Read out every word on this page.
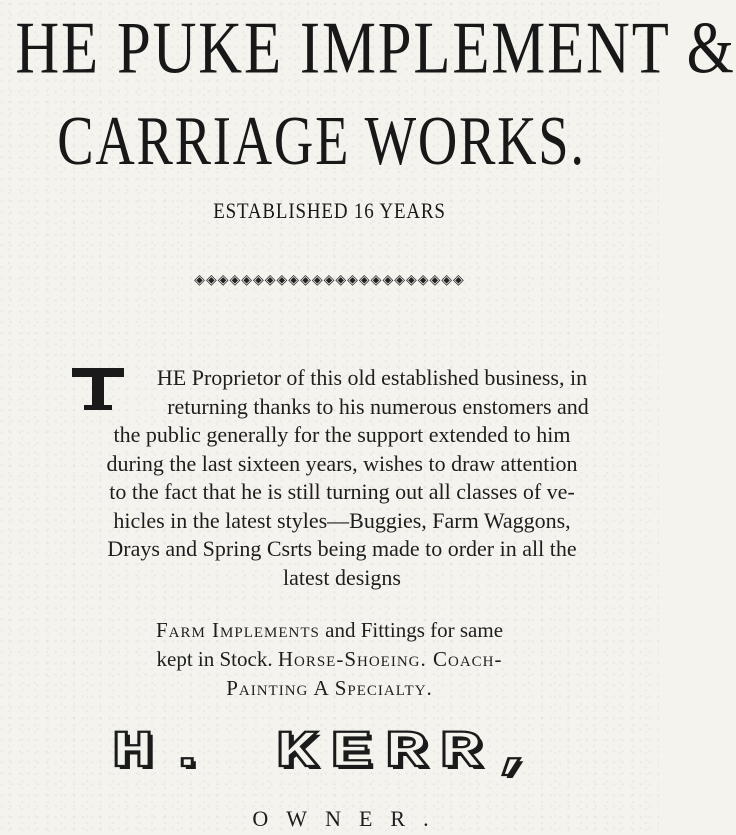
HE PUKE IMPLEMENT &
CARRIAGE WORKS.
ESTABLISHED 16 YEARS
◈◈◈◈◈◈◈◈◈◈◈◈◈◈◈◈◈◈◈◈◈◈◈
HE Proprietor of this old established business, in
returning thanks to his numerous enstomers and
the public generally for the support extended to him
during the last sixteen years, wishes to draw attention
to the fact that he is still turning out all classes of ve-
hicles in the latest styles—Buggies, Farm Waggons,
Drays and Spring Csrts being made to order in all the
latest designs
Farm Implements and Fittings for same
kept in Stock. Horse-Shoeing. Coach-
Painting A Specialty.
H. KERR,
OWNER.
